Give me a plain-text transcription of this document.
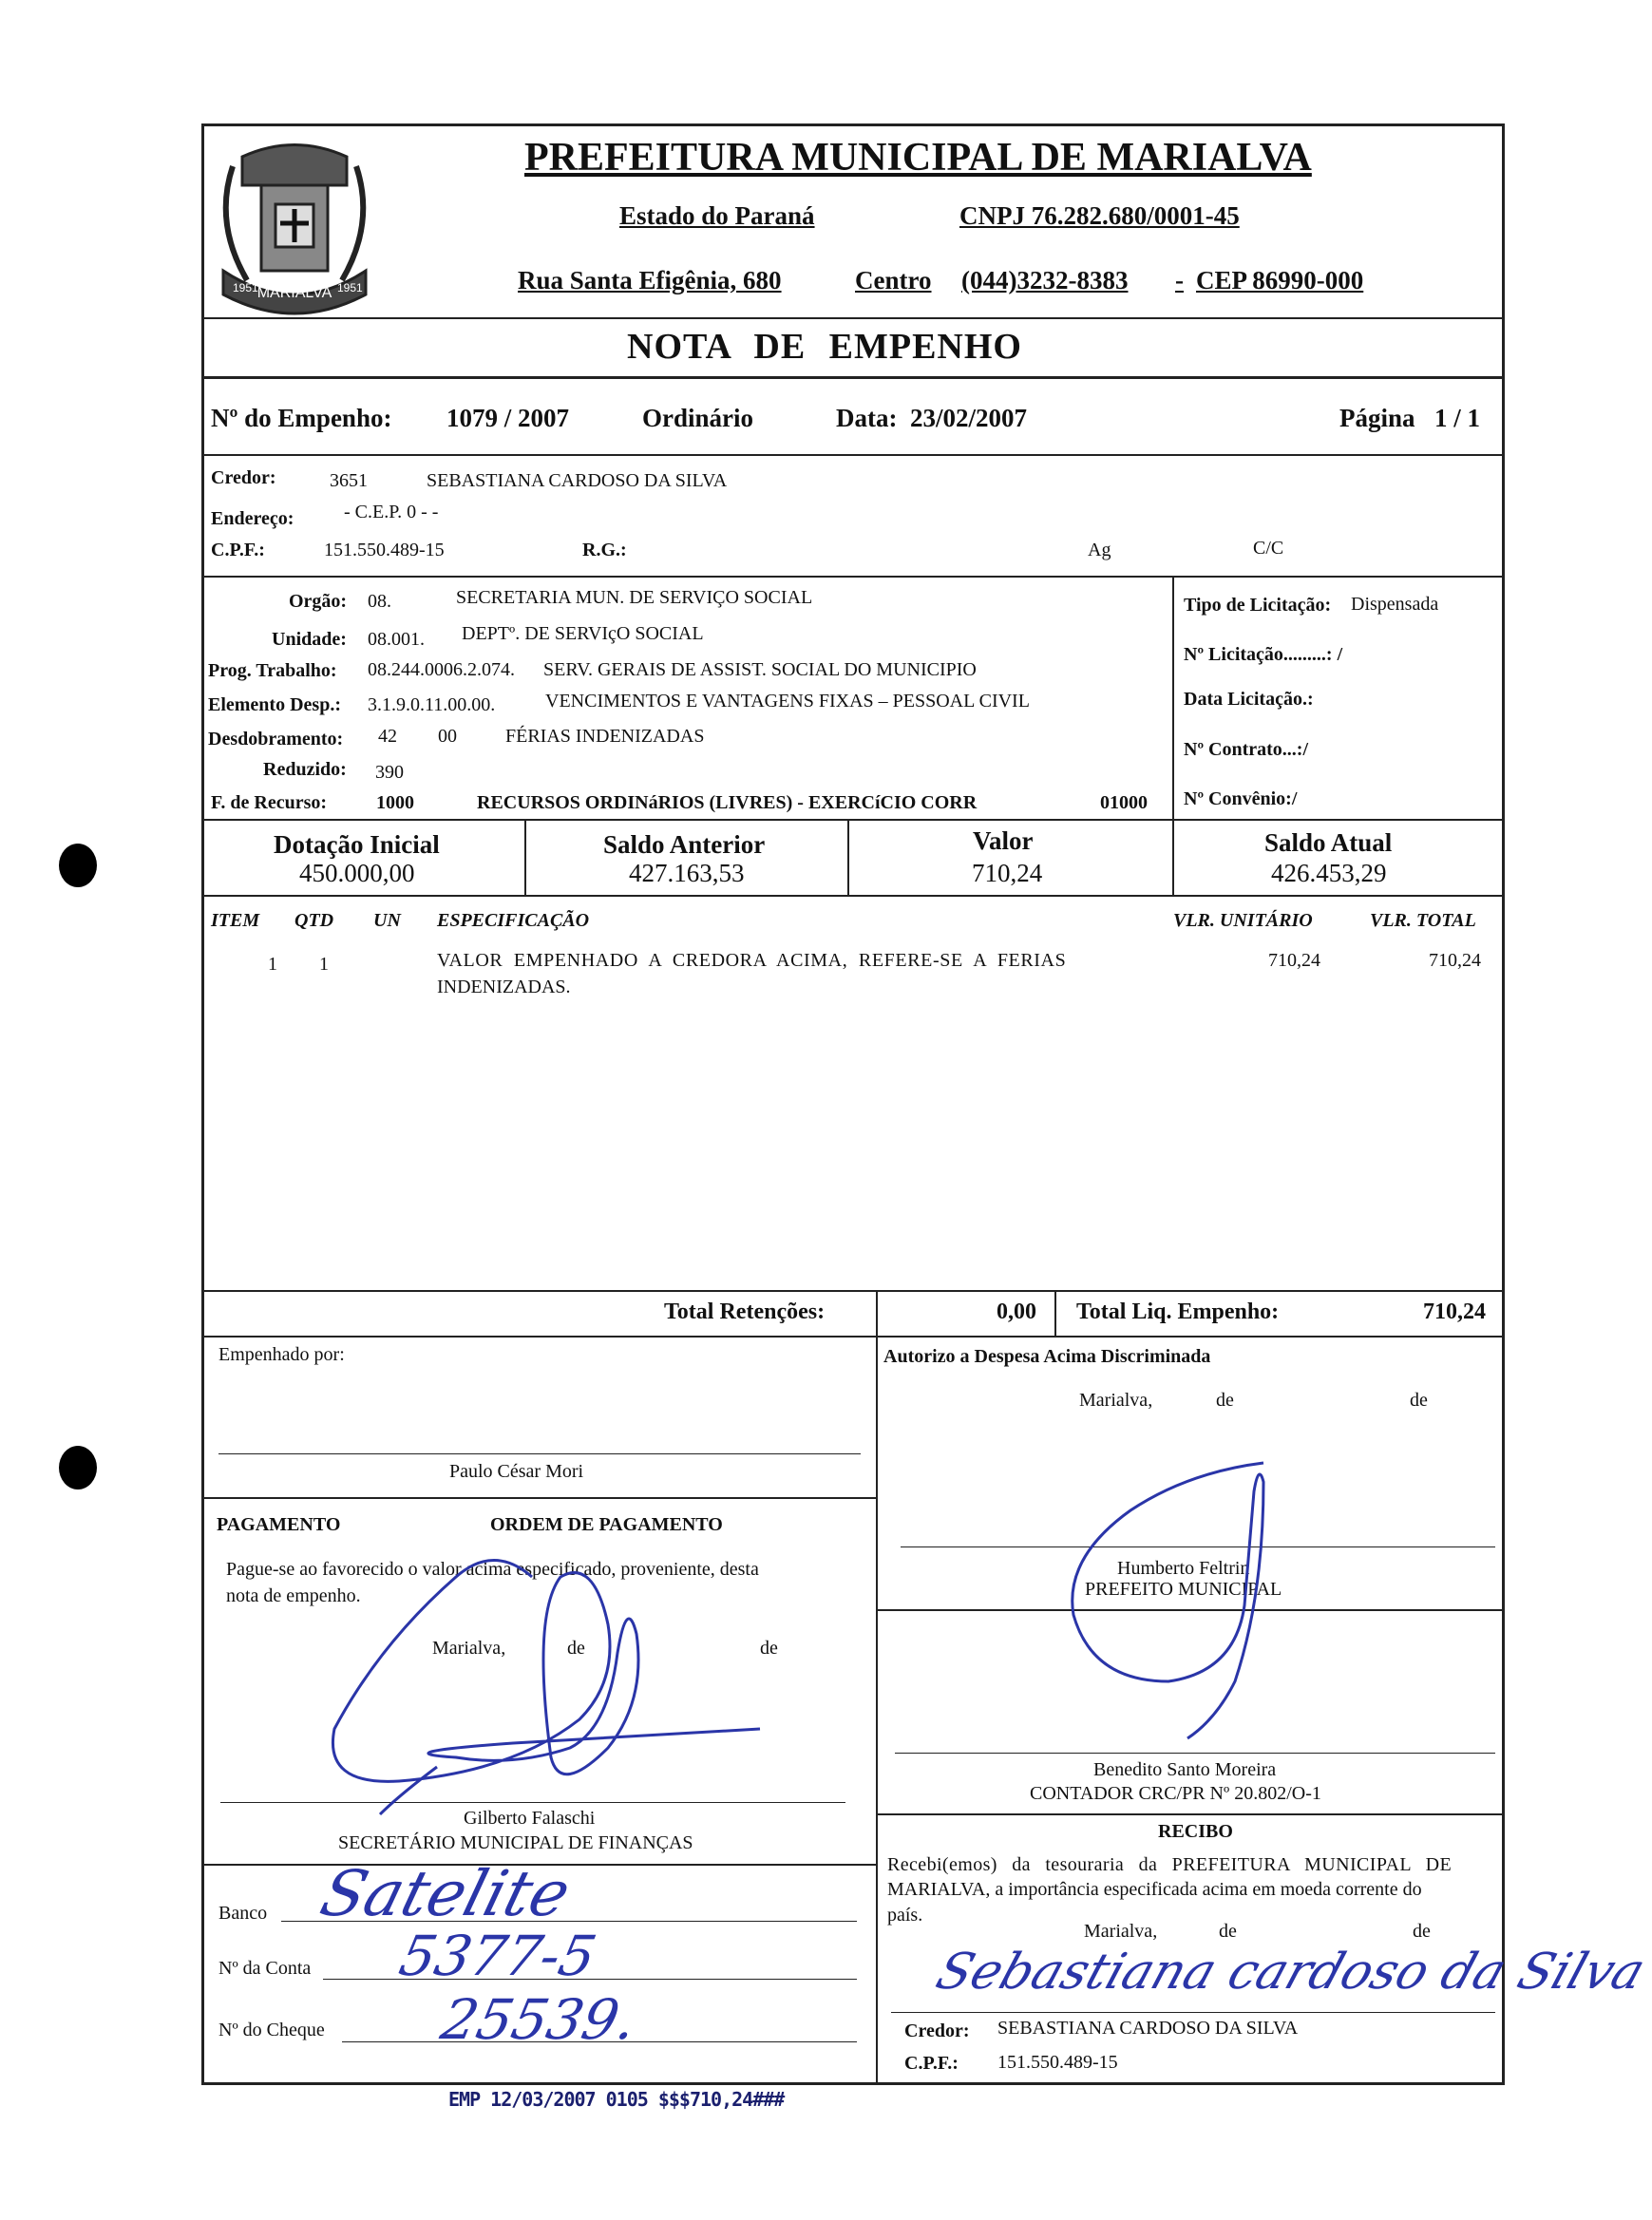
MARIALVA
1951	1951
PREFEITURA MUNICIPAL DE MARIALVA
Estado do Paraná	CNPJ 76.282.680/0001-45
Rua Santa Efigênia, 680	Centro (044)3232-8383 - CEP 86990-000
NOTA DE EMPENHO
Nº do Empenho: 1079 / 2007	Ordinário	Data: 23/02/2007	Página 1 / 1
Credor:	3651	SEBASTIANA CARDOSO DA SILVA
Endereço:	- C.E.P. 0 - -
C.P.F.:	151.550.489-15	R.G.:	Ag	C/C
Orgão: 08.	SECRETARIA MUN. DE SERVIÇO SOCIAL
Unidade: 08.001. DEPTº. DE SERVIçO SOCIAL
Prog. Trabalho: 08.244.0006.2.074. SERV. GERAIS DE ASSIST. SOCIAL DO MUNICIPIO
Elemento Desp.: 3.1.9.0.11.00.00.	VENCIMENTOS E VANTAGENS FIXAS – PESSOAL CIVIL
Desdobramento: 42 00	FÉRIAS INDENIZADAS
Reduzido: 390
F. de Recurso:	1000	RECURSOS ORDINáRIOS (LIVRES) - EXERCíCIO CORR	01000
Tipo de Licitação: Dispensada
Nº Licitação.........: /
Data Licitação.:
Nº Contrato...:/
Nº Convênio:/
Dotação Inicial
450.000,00
Saldo Anterior
427.163,53
Valor
710,24
Saldo Atual
426.453,29
ITEM QTD UN ESPECIFICAÇÃO	VLR. UNITÁRIO	VLR. TOTAL
1 1	VALOR EMPENHADO A CREDORA ACIMA, REFERE-SE A FERIAS
INDENIZADAS.
710,24	710,24
Total Retenções:	0,00 Total Liq. Empenho:	710,24
Empenhado por:
Paulo César Mori
PAGAMENTO	ORDEM DE PAGAMENTO
Pague-se ao favorecido o valor acima especificado, proveniente, desta
nota de empenho.
Marialva,	de	de
Gilberto Falaschi
SECRETÁRIO MUNICIPAL DE FINANÇAS
Banco Satelite
Nº da Conta 5377-5
Nº do Cheque 25539.
Autorizo a Despesa Acima Discriminada
Marialva,	de	de
Humberto Feltrin
PREFEITO MUNICIPAL
Benedito Santo Moreira
CONTADOR CRC/PR Nº 20.802/O-1
RECIBO
Recebi(emos) da tesouraria da PREFEITURA MUNICIPAL DE
MARIALVA, a importância especificada acima em moeda corrente do
país.
Marialva,	de	de
Sebastiana cardoso da Silva
Credor: SEBASTIANA CARDOSO DA SILVA
C.P.F.: 151.550.489-15
EMP 12/03/2007 0105 $$$710,24###
